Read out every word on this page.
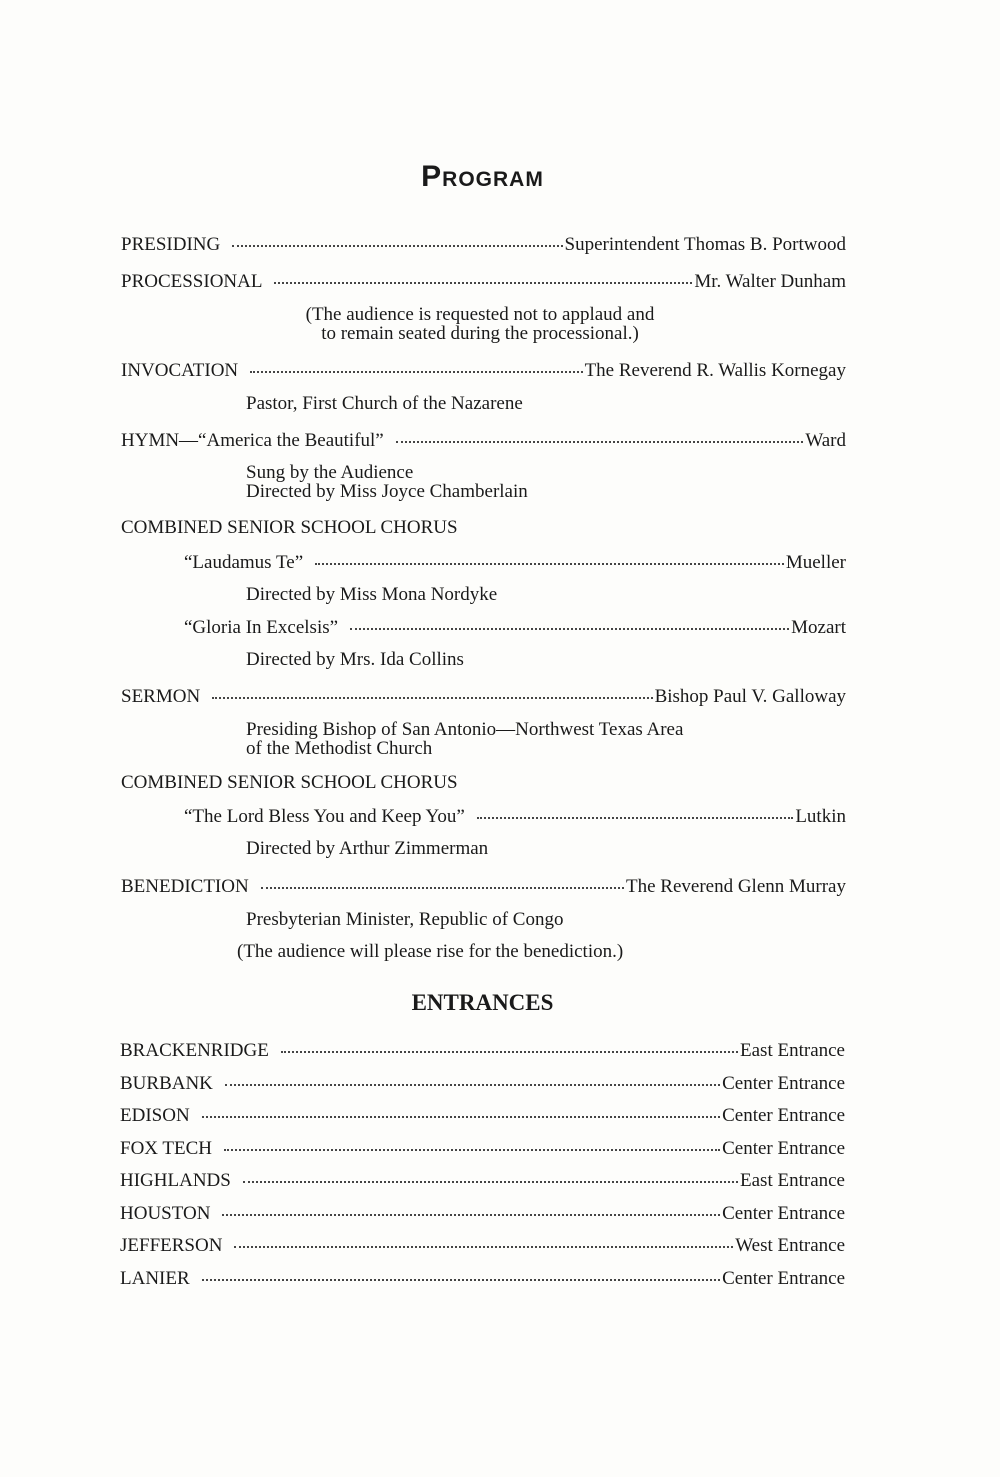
Program
PRESIDING	Superintendent Thomas B. Portwood
PROCESSIONAL	Mr. Walter Dunham
(The audience is requested not to applaud and
to remain seated during the processional.)
INVOCATION	The Reverend R. Wallis Kornegay
Pastor, First Church of the Nazarene
HYMN—“America the Beautiful”	Ward
Sung by the Audience
Directed by Miss Joyce Chamberlain
COMBINED SENIOR SCHOOL CHORUS
“Laudamus Te”	Mueller
Directed by Miss Mona Nordyke
“Gloria In Excelsis”	Mozart
Directed by Mrs. Ida Collins
SERMON	Bishop Paul V. Galloway
Presiding Bishop of San Antonio—Northwest Texas Area
of the Methodist Church
COMBINED SENIOR SCHOOL CHORUS
“The Lord Bless You and Keep You”	Lutkin
Directed by Arthur Zimmerman
BENEDICTION	The Reverend Glenn Murray
Presbyterian Minister, Republic of Congo
(The audience will please rise for the benediction.)
ENTRANCES
BRACKENRIDGE	East Entrance
BURBANK	Center Entrance
EDISON	Center Entrance
FOX TECH	Center Entrance
HIGHLANDS	East Entrance
HOUSTON	Center Entrance
JEFFERSON	West Entrance
LANIER	Center Entrance
